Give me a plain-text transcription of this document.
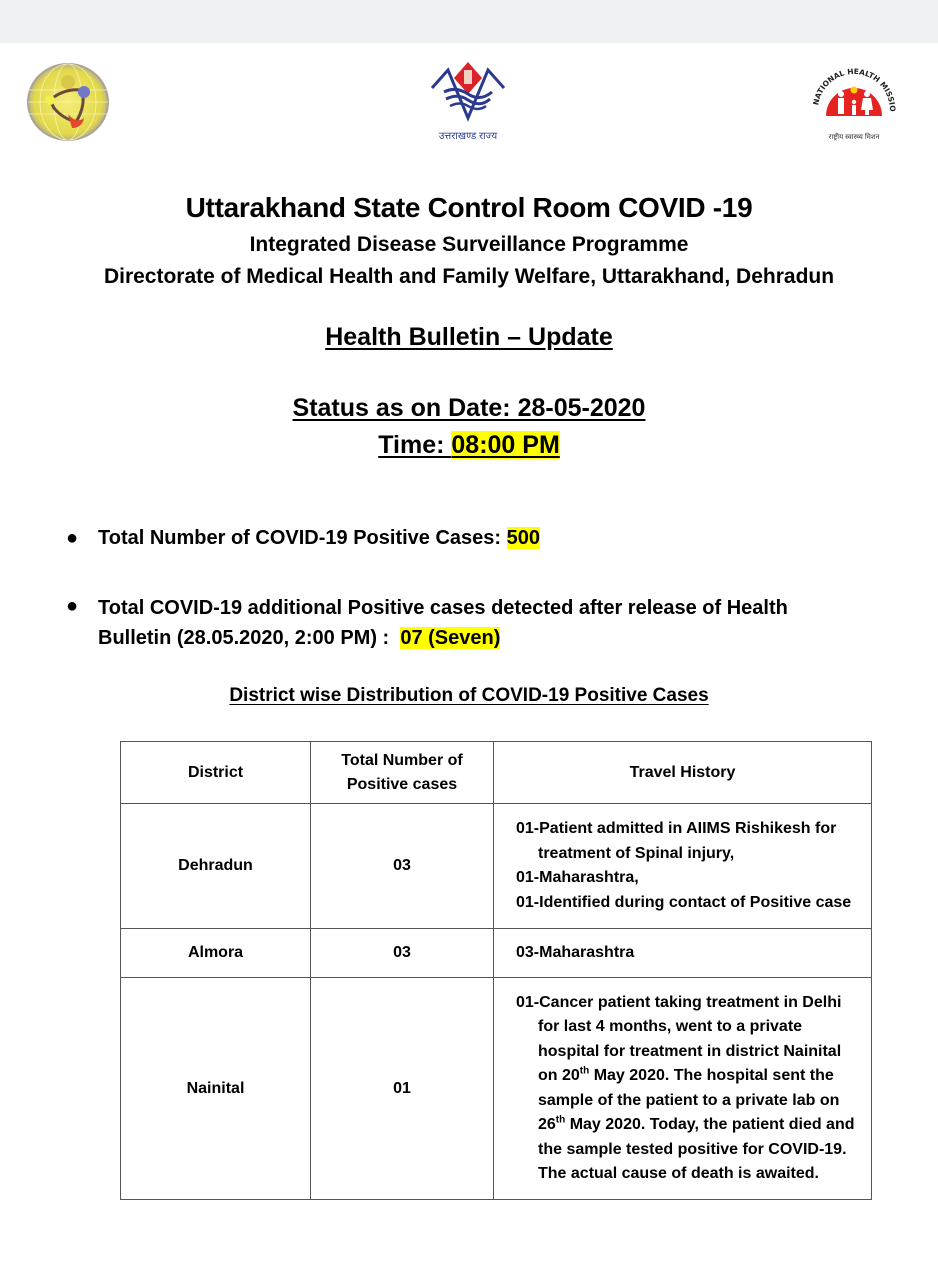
उत्तराखण्ड राज्य
NATIONAL HEALTH MISSIO
राष्ट्रीय स्वास्थ्य मिशन
Uttarakhand State Control Room COVID -19
Integrated Disease Surveillance Programme
Directorate of Medical Health and Family Welfare, Uttarakhand, Dehradun
Health Bulletin – Update
Status as on Date: 28-05-2020
Time: 08:00 PM
● Total Number of COVID-19 Positive Cases: 500
● Total COVID-19 additional Positive cases detected after release of Health
Bulletin (28.05.2020, 2:00 PM) :  07 (Seven)
District wise Distribution of COVID-19 Positive Cases
District	Total Number of Positive cases	Travel History
Dehradun	03	01-Patient admitted in AIIMS Rishikesh for treatment of Spinal injury,
01-Maharashtra,
01-Identified during contact of Positive case

Almora	03	03-Maharashtra

Nainital	01	01-Cancer patient taking treatment in Delhi for last 4 months, went to a private hospital for treatment in district Nainital on 20th May 2020. The hospital sent the sample of the patient to a private lab on 26th May 2020. Today, the patient died and the sample tested positive for COVID-19. The actual cause of death is awaited.
